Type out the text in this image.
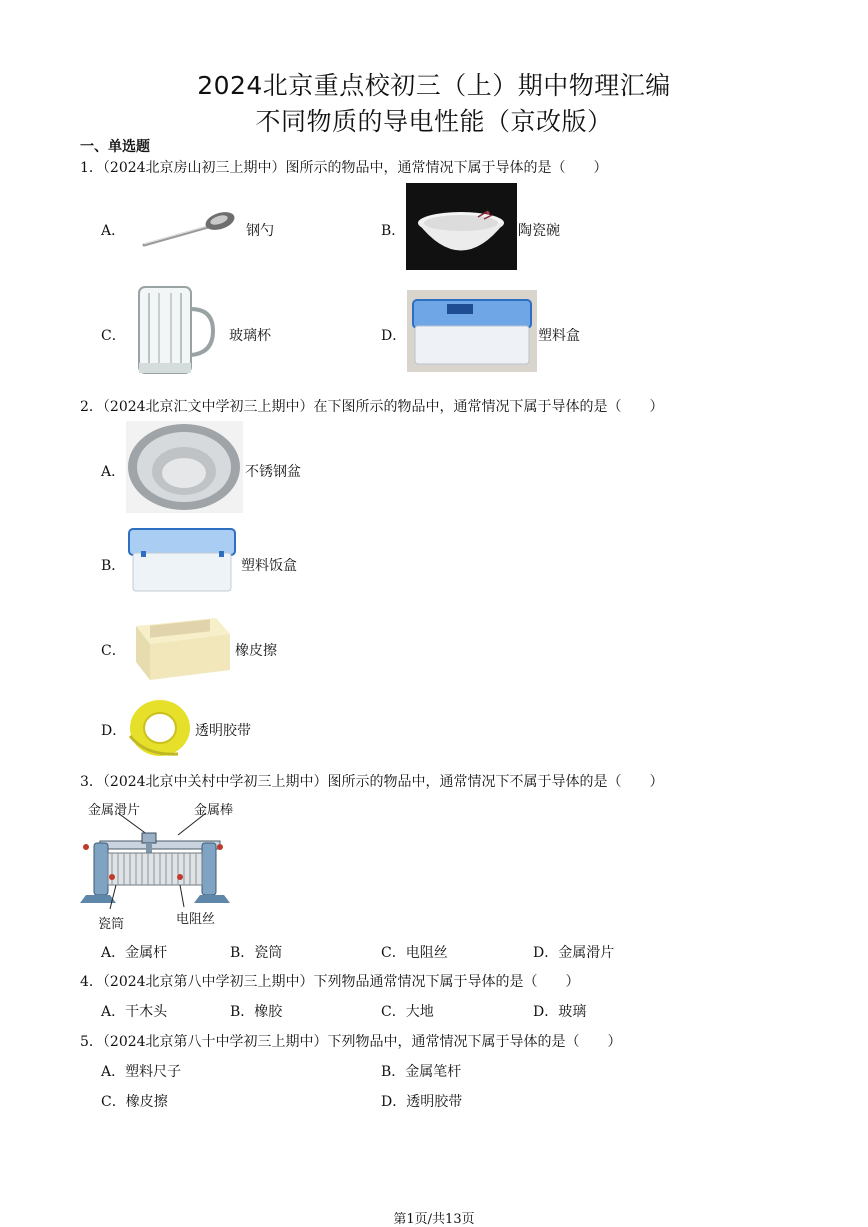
2024北京重点校初三（上）期中物理汇编
不同物质的导电性能（京改版）
一、单选题
1．（2024北京房山初三上期中）图所示的物品中，通常情况下属于导体的是（　　）
A．	钢勺	B．	陶瓷碗
C．	玻璃杯	D．	塑料盒
2．（2024北京汇文中学初三上期中）在下图所示的物品中，通常情况下属于导体的是（　　）
A．	不锈钢盆
B．	塑料饭盒
C．	橡皮擦
D．	透明胶带
3．（2024北京中关村中学初三上期中）图所示的物品中，通常情况下不属于导体的是（　　）
金属滑片	金属棒
瓷筒	电阻丝
A．金属杆	B．瓷筒	C．电阻丝	D．金属滑片
4．（2024北京第八中学初三上期中）下列物品通常情况下属于导体的是（　　）
A．干木头	B．橡胶	C．大地	D．玻璃
5．（2024北京第八十中学初三上期中）下列物品中，通常情况下属于导体的是（　　）
A．塑料尺子	B．金属笔杆
C．橡皮擦	D．透明胶带
第1页/共13页
